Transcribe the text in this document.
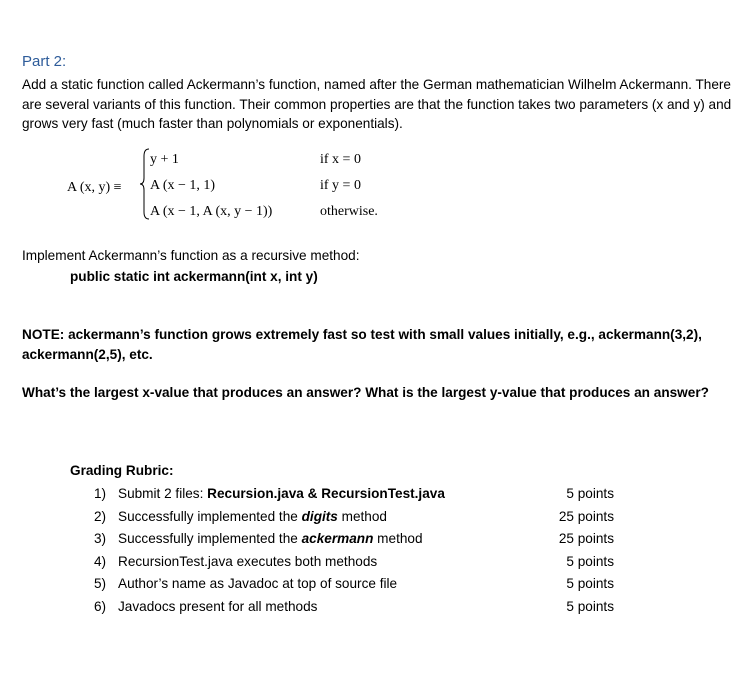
Part 2:
Add a static function called Ackermann’s function, named after the German mathematician Wilhelm Ackermann. There are several variants of this function. Their common properties are that the function takes two parameters (x and y) and grows very fast (much faster than polynomials or exponentials).
A (x, y) ≡
y + 1	if x = 0
A (x − 1, 1)	if y = 0
A (x − 1, A (x, y − 1))	otherwise.
Implement Ackermann’s function as a recursive method:
public static int ackermann(int x, int y)
NOTE: ackermann’s function grows extremely fast so test with small values initially, e.g., ackermann(3,2), ackermann(2,5), etc.
What’s the largest x-value that produces an answer? What is the largest y-value that produces an answer?
Grading Rubric:
1) Submit 2 files: Recursion.java & RecursionTest.java	5 points
2) Successfully implemented the digits method	25 points
3) Successfully implemented the ackermann method	25 points
4) RecursionTest.java executes both methods	5 points
5) Author’s name as Javadoc at top of source file	5 points
6) Javadocs present for all methods	5 points
